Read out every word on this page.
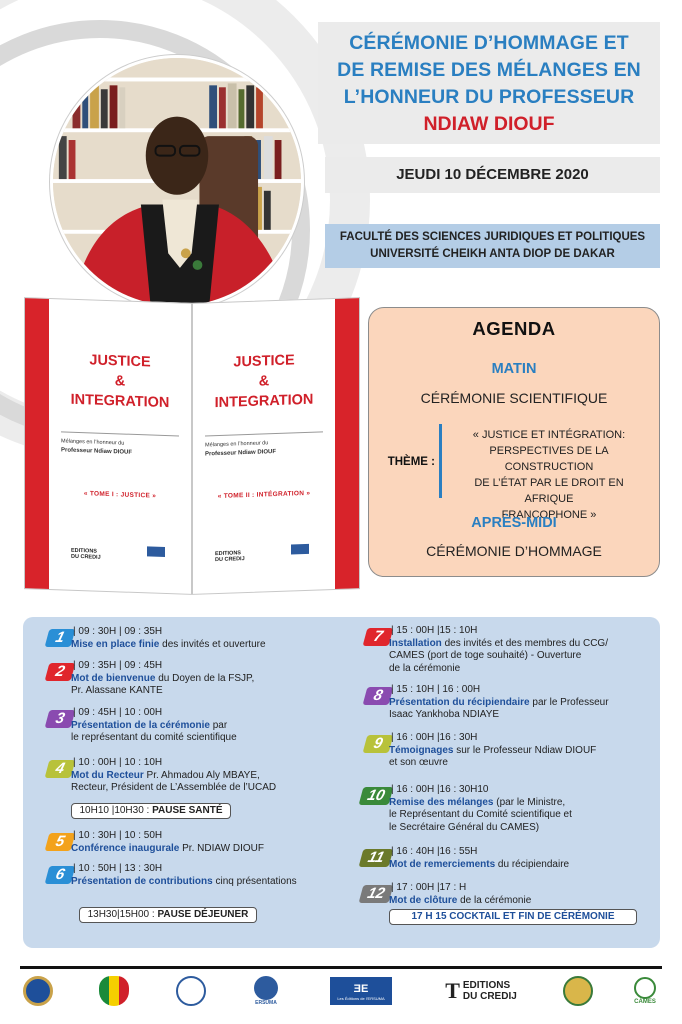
CÉRÉMONIE D’HOMMAGE ET
DE REMISE DES MÉLANGES EN
L’HONNEUR DU PROFESSEUR
NDIAW DIOUF
JEUDI 10 DÉCEMBRE 2020
FACULTÉ DES SCIENCES JURIDIQUES ET POLITIQUES
UNIVERSITÉ CHEIKH ANTA DIOP DE DAKAR
JUSTICE
&
INTEGRATION
Mélanges en l’honneur du
Professeur Ndiaw DIOUF
« TOME I : JUSTICE »
EDITIONS
DU CREDIJ
JUSTICE
&
INTEGRATION
Mélanges en l’honneur du
Professeur Ndiaw DIOUF
« TOME II : INTÉGRATION »
EDITIONS
DU CREDIJ
AGENDA
MATIN
CÉRÉMONIE SCIENTIFIQUE
THÈME :
« JUSTICE ET INTÉGRATION:
PERSPECTIVES DE LA CONSTRUCTION
DE L’ÉTAT PAR LE DROIT EN AFRIQUE
FRANCOPHONE »
APRÈS-MIDI
CÉRÉMONIE D’HOMMAGE
1 | 09 : 30H | 09 : 35H
Mise en place finie des invités et ouverture
2 | 09 : 35H | 09 : 45H
Mot de bienvenue du Doyen de la FSJP,
Pr. Alassane KANTE
3 | 09 : 45H | 10 : 00H
Présentation de la cérémonie par
le représentant du comité scientifique
4 | 10 : 00H | 10 : 10H
Mot du Recteur Pr. Ahmadou Aly MBAYE,
Recteur, Président de L’Assemblée de l’UCAD
10H10 |10H30 : PAUSE SANTÉ
5 | 10 : 30H | 10 : 50H
Conférence inaugurale Pr. NDIAW DIOUF
6 | 10 : 50H | 13 : 30H
Présentation de contributions cinq présentations
13H30|15H00 : PAUSE DÉJEUNER
7 | 15 : 00H |15 : 10H
Installation des invités et des membres du CCG/
CAMES (port de toge souhaité) - Ouverture
de la cérémonie
8 | 15 : 10H | 16 : 00H
Présentation du récipiendaire par le Professeur
Isaac Yankhoba NDIAYE
9 | 16 : 00H |16 : 30H
Témoignages sur le Professeur Ndiaw DIOUF
et son œuvre
10 | 16 : 00H |16 : 30H10
Remise des mélanges (par le Ministre,
le Représentant du Comité scientifique et
le Secrétaire Général du CAMES)
11 | 16 : 40H |16 : 55H
Mot de remerciements du récipiendaire
12 | 17 : 00H |17 : H
Mot de clôture de la cérémonie
17 H 15 COCKTAIL ET FIN DE CÉRÉMONIE
ERSUMA
ƎE
Les Éditions de l’ERSUMA	T EDITIONS
DU CREDIJ	CAMES
